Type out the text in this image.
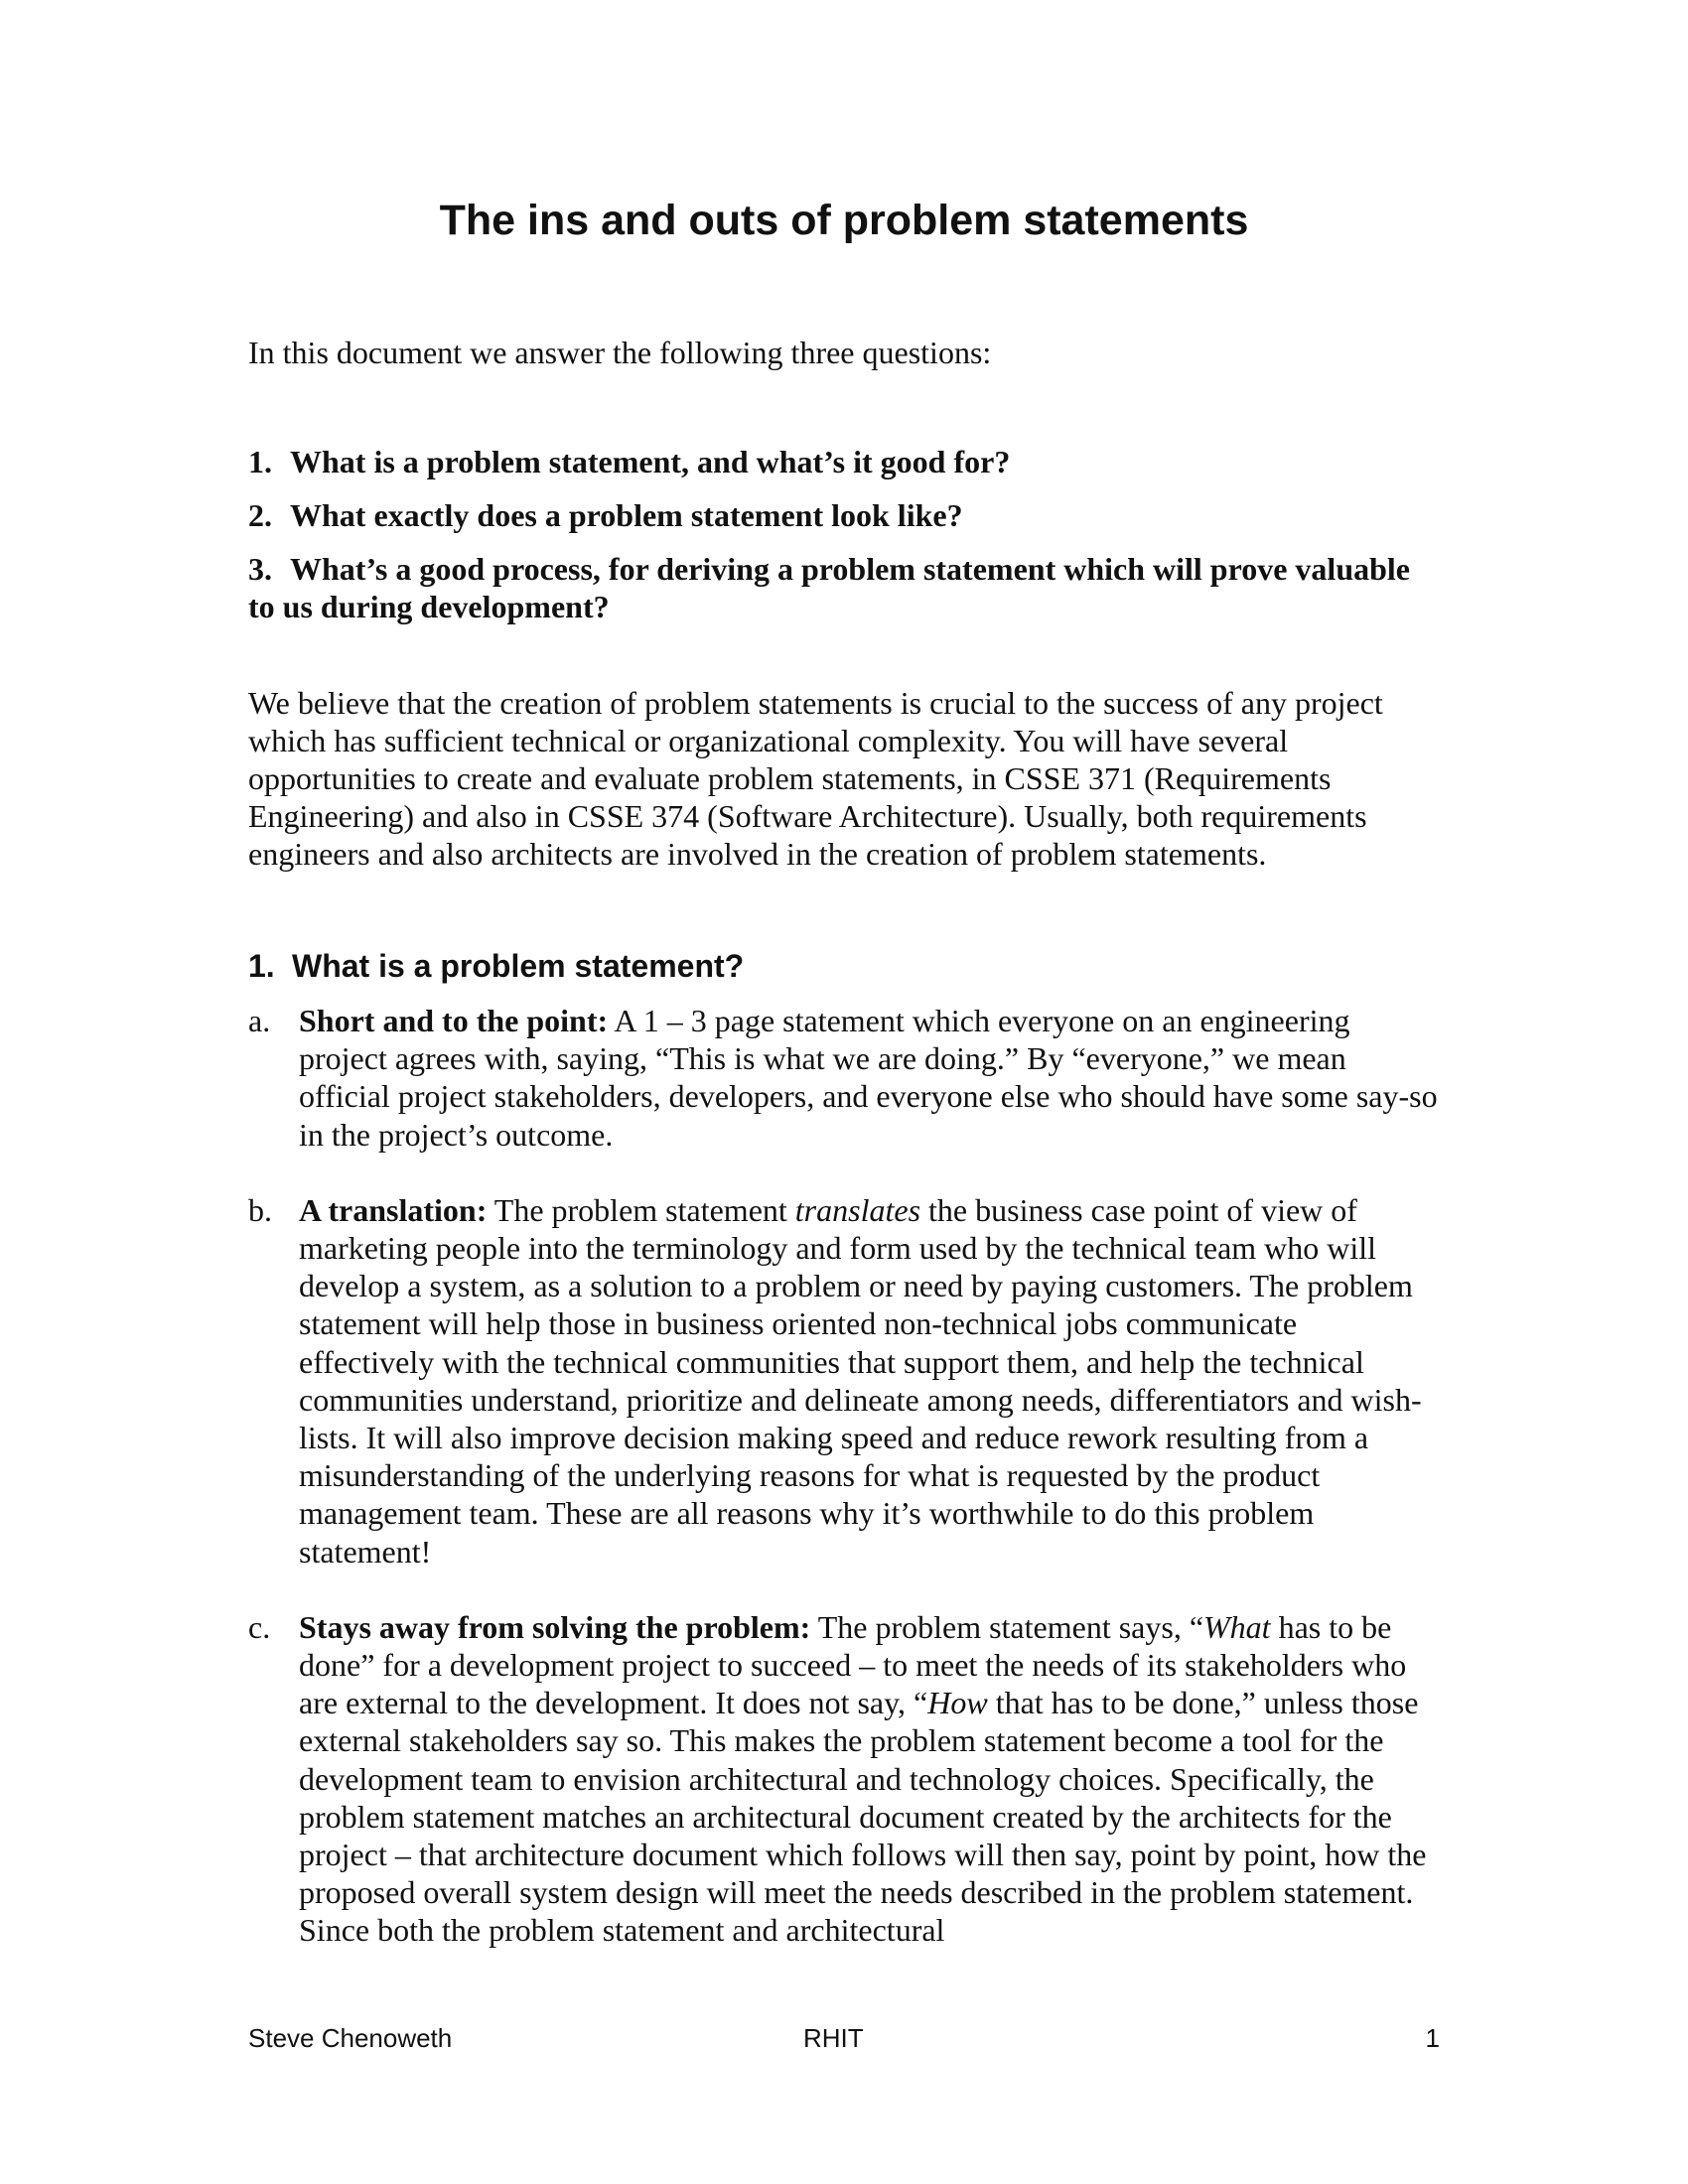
The ins and outs of problem statements

In this document we answer the following three questions:

1. What is a problem statement, and what’s it good for?
2. What exactly does a problem statement look like?
3. What’s a good process, for deriving a problem statement which will prove valuable to us during development?

We believe that the creation of problem statements is crucial to the success of any project which has sufficient technical or organizational complexity. You will have several opportunities to create and evaluate problem statements, in CSSE 371 (Requirements Engineering) and also in CSSE 374 (Software Architecture). Usually, both requirements engineers and also architects are involved in the creation of problem statements.

1. What is a problem statement?
a. Short and to the point: A 1 – 3 page statement which everyone on an engineering project agrees with, saying, “This is what we are doing.” By “everyone,” we mean official project stakeholders, developers, and everyone else who should have some say-so in the project’s outcome.
b. A translation: The problem statement translates the business case point of view of marketing people into the terminology and form used by the technical team who will develop a system, as a solution to a problem or need by paying customers. The problem statement will help those in business oriented non-technical jobs communicate effectively with the technical communities that support them, and help the technical communities understand, prioritize and delineate among needs, differentiators and wish-lists. It will also improve decision making speed and reduce rework resulting from a misunderstanding of the underlying reasons for what is requested by the product management team. These are all reasons why it’s worthwhile to do this problem statement!
c. Stays away from solving the problem: The problem statement says, “What has to be done” for a development project to succeed – to meet the needs of its stakeholders who are external to the development. It does not say, “How that has to be done,” unless those external stakeholders say so. This makes the problem statement become a tool for the development team to envision architectural and technology choices. Specifically, the problem statement matches an architectural document created by the architects for the project – that architecture document which follows will then say, point by point, how the proposed overall system design will meet the needs described in the problem statement. Since both the problem statement and architectural
Steve Chenoweth	RHIT	1
